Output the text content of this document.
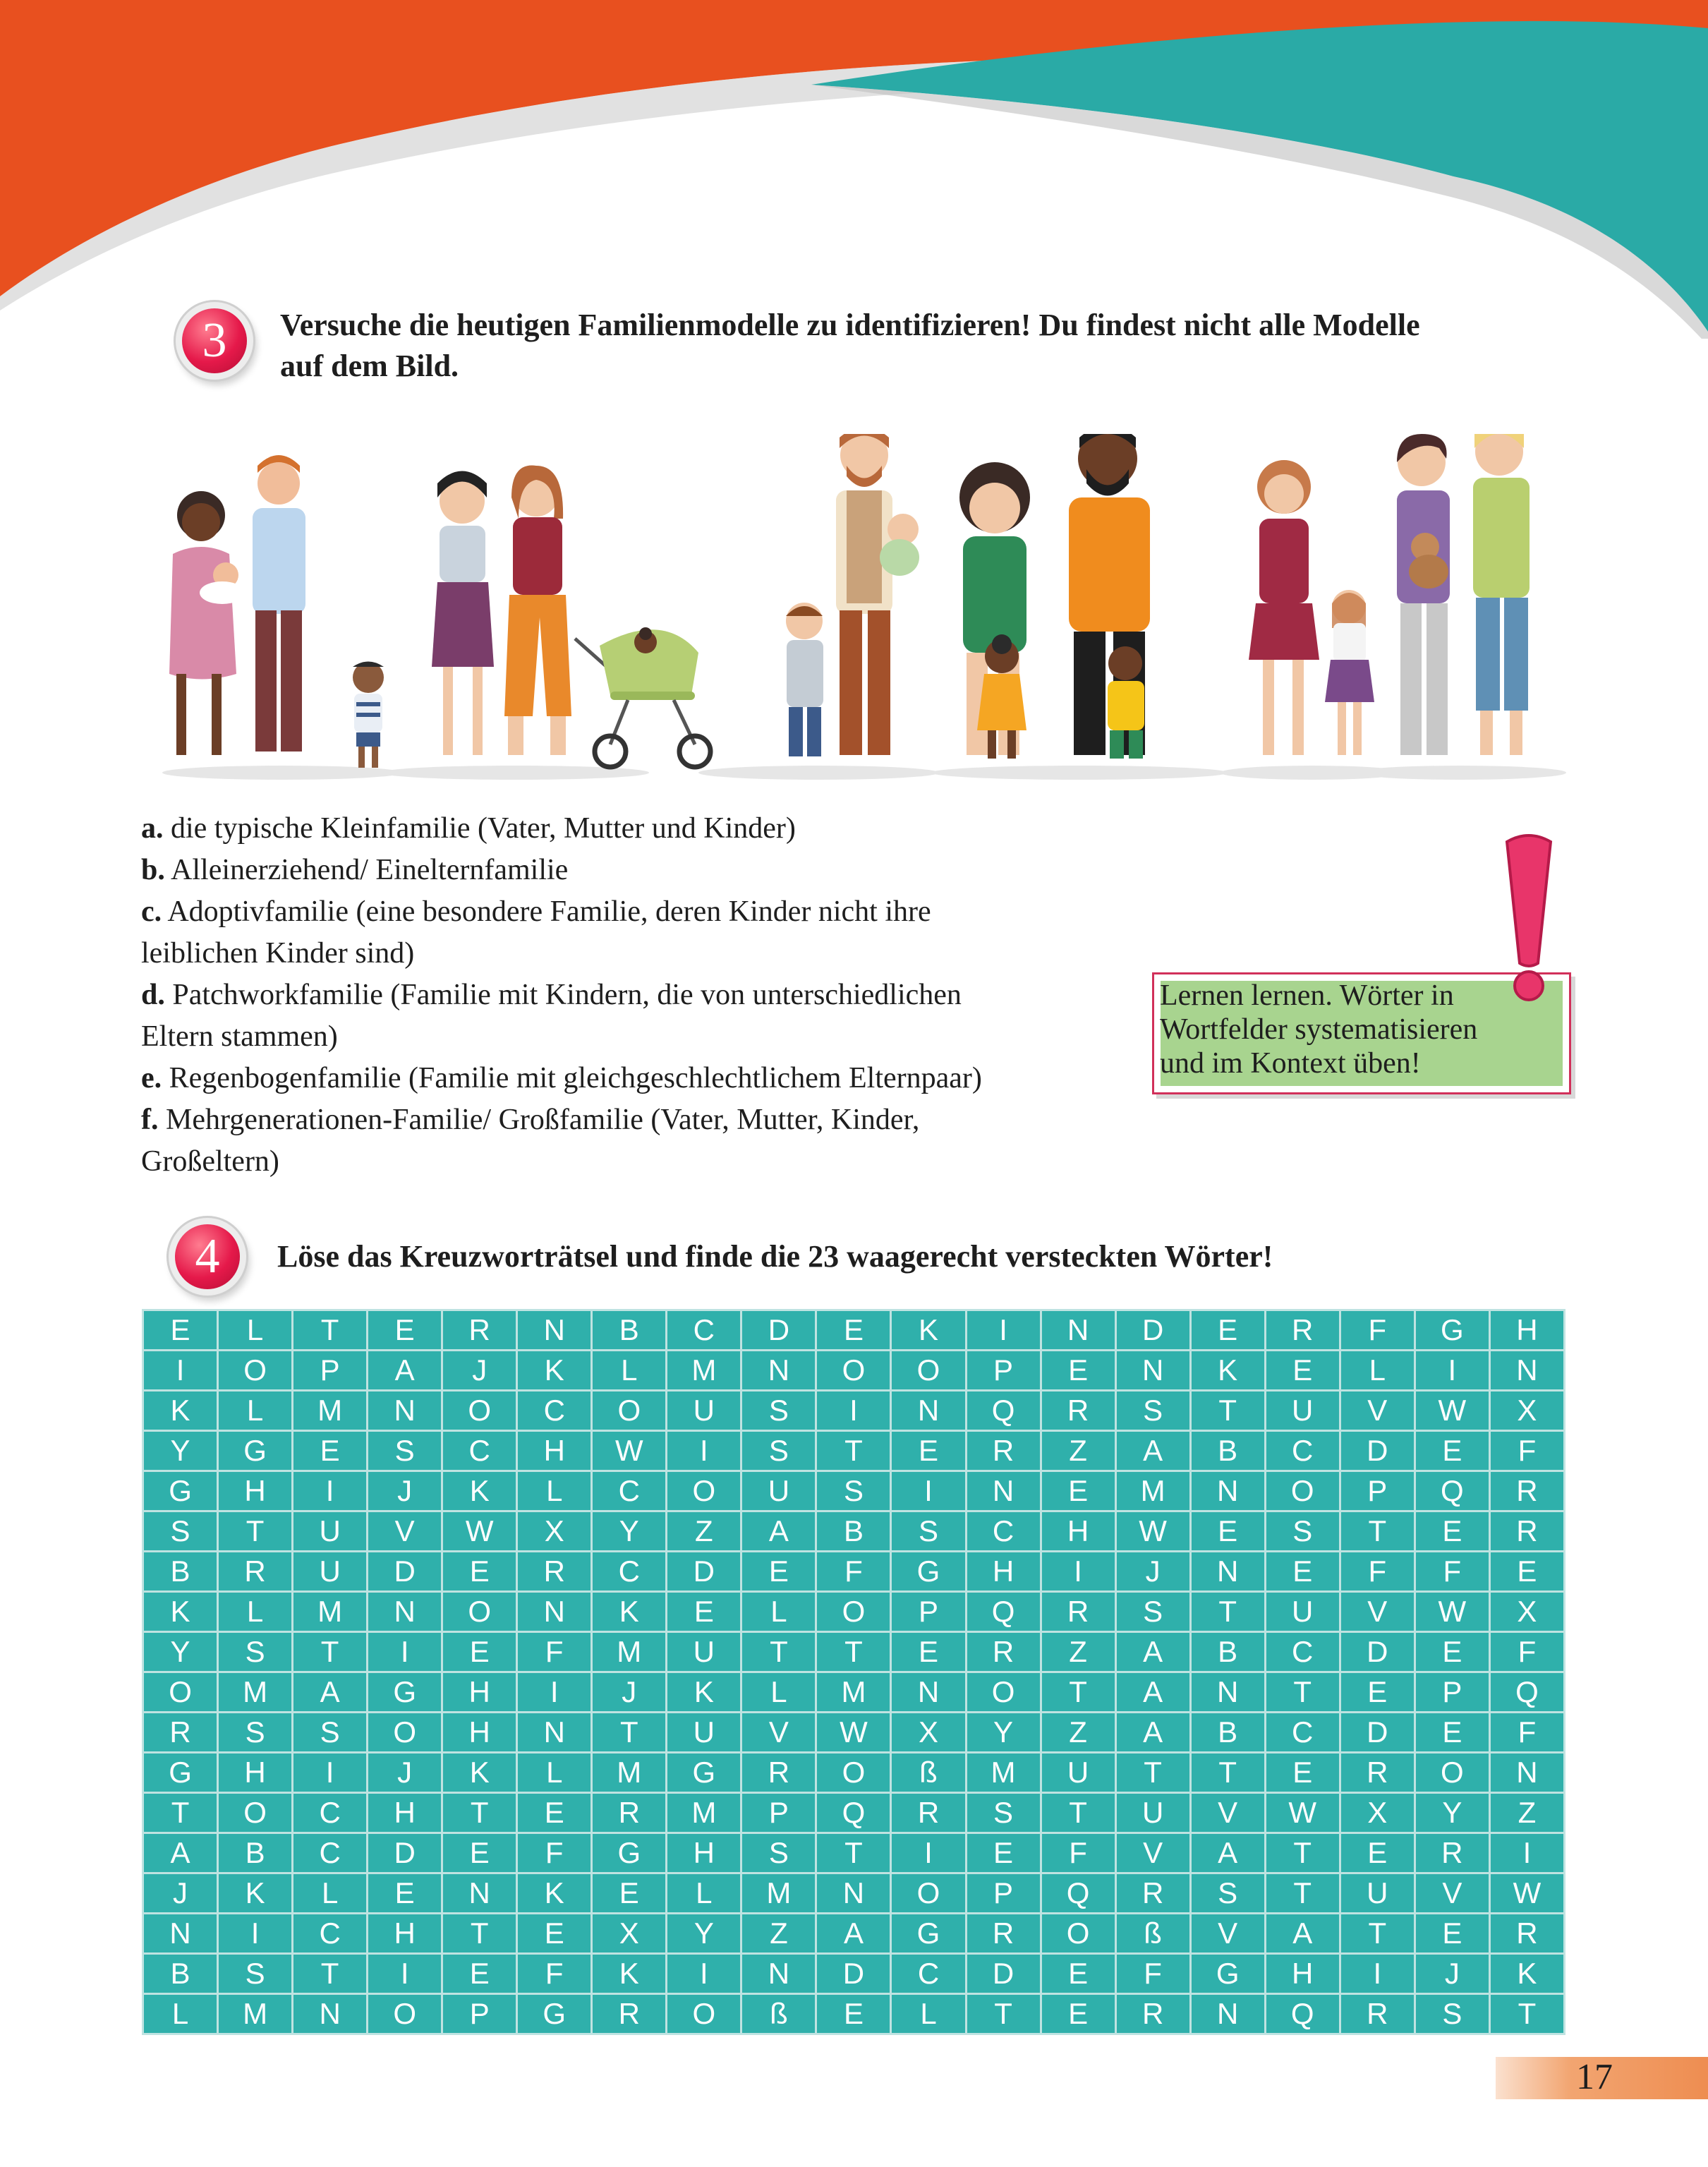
3	Versuche die heutigen Familienmodelle zu identifizieren! Du findest nicht alle Modelle
auf dem Bild.
a. die typische Kleinfamilie (Vater, Mutter und Kinder)
b. Alleinerziehend/ Einelternfamilie
c. Adoptivfamilie (eine besondere Familie, deren Kinder nicht ihre
leiblichen Kinder sind)
d. Patchworkfamilie (Familie mit Kindern, die von unterschiedlichen
Eltern stammen)
e. Regenbogenfamilie (Familie mit gleichgeschlechtlichem Elternpaar)
f. Mehrgenerationen-Familie/ Großfamilie (Vater, Mutter, Kinder,
Großeltern)
Lernen lernen. Wörter in
Wortfelder systematisieren
und im Kontext üben!
4	Löse das Kreuzworträtsel und finde die 23 waagerecht versteckten Wörter!
E	L	T	E	R	N	B	C	D	E	K	I	N	D	E	R	F	G	H
I	O	P	A	J	K	L	M	N	O	O	P	E	N	K	E	L	I	N
K	L	M	N	O	C	O	U	S	I	N	Q	R	S	T	U	V	W	X
Y	G	E	S	C	H	W	I	S	T	E	R	Z	A	B	C	D	E	F
G	H	I	J	K	L	C	O	U	S	I	N	E	M	N	O	P	Q	R
S	T	U	V	W	X	Y	Z	A	B	S	C	H	W	E	S	T	E	R
B	R	U	D	E	R	C	D	E	F	G	H	I	J	N	E	F	F	E
K	L	M	N	O	N	K	E	L	O	P	Q	R	S	T	U	V	W	X
Y	S	T	I	E	F	M	U	T	T	E	R	Z	A	B	C	D	E	F
O	M	A	G	H	I	J	K	L	M	N	O	T	A	N	T	E	P	Q
R	S	S	O	H	N	T	U	V	W	X	Y	Z	A	B	C	D	E	F
G	H	I	J	K	L	M	G	R	O	ß	M	U	T	T	E	R	O	N
T	O	C	H	T	E	R	M	P	Q	R	S	T	U	V	W	X	Y	Z
A	B	C	D	E	F	G	H	S	T	I	E	F	V	A	T	E	R	I
J	K	L	E	N	K	E	L	M	N	O	P	Q	R	S	T	U	V	W
N	I	C	H	T	E	X	Y	Z	A	G	R	O	ß	V	A	T	E	R
B	S	T	I	E	F	K	I	N	D	C	D	E	F	G	H	I	J	K
L	M	N	O	P	G	R	O	ß	E	L	T	E	R	N	Q	R	S	T
17
